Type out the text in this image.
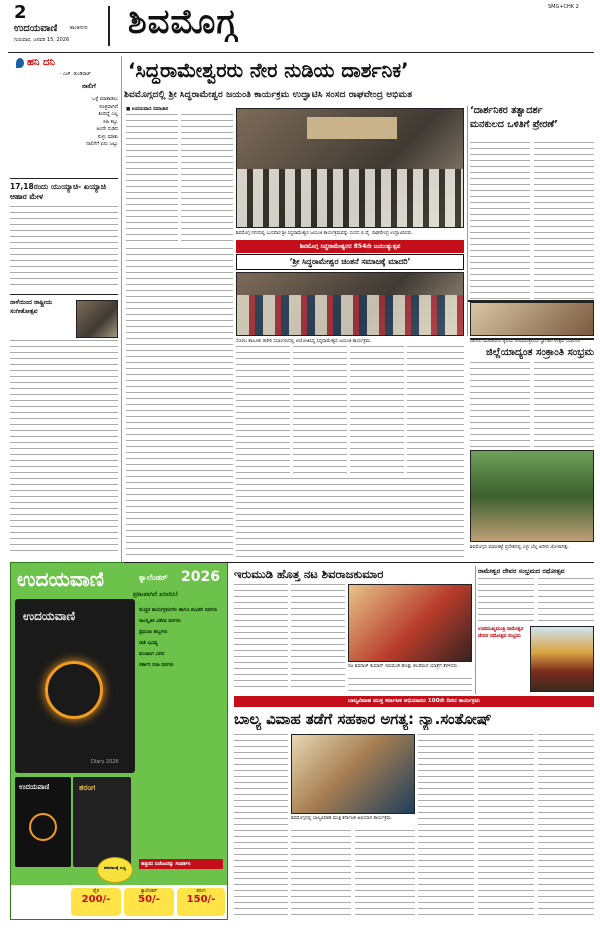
2
ಉದಯವಾಣಿ	ಶಾಂತಿನಗರ
ಗುರುವಾರ, ಜನವರಿ 15, 2026 ಶಿವಮೊಗ್ಗ	SMG+CHK 2
ಹನಿ ದನಿ
- ಎಚ್. ಡುಂಡಿರಾಜ್
ನಾಲಿಗೆ
ಒಳ್ಳೆ ಮಾತಾಡಲು
ಸೂಕ್ತವಾಗಿದೆ
ತಿಂದಿದ್ದೆ ಎಲ್ಲ
ಸಿಹಿ ಕಬ್ಬು
ಅಂದೇ ನುಡಿದ
ಸುಳ್ಳು ಮಾತು
ನಾಲಿಗೆಗೆ ಏನು ಜಬ್ಬು
17,18ರಂದು ಯುಯ್ಯಾಚಿ- ಖಯ್ಯಾಚಿ ಆಹಾರ ಮೇಳ
ನಾಳೆಯಿಂದ ರಾಷ್ಟ್ರೀಯ ಸಂಗೀತೋತ್ಸವ
‘ಸಿದ್ಧರಾಮೇಶ್ವರರು ನೇರ ನುಡಿಯ ದಾರ್ಶನಿಕ’
ಶಿವಮೊಗ್ಗದಲ್ಲಿ ಶ್ರೀ ಸಿದ್ಧರಾಮೇಶ್ವರ ಜಯಂತಿ ಕಾರ್ಯಕ್ರಮ ಉದ್ಘಾಟಿಸಿ ಸಂಸದ ರಾಘವೇಂದ್ರ ಅಭಿಮತ
■ ಉದಯವಾಣಿ ಸಮಾಚಾರ
ಶಿವಮೊಗ್ಗ ನಗರದಲ್ಲಿ ಬುಧವಾರ ಶ್ರೀ ಸಿದ್ಧರಾಮೇಶ್ವರ ಜಯಂತಿ ಕಾರ್ಯಕ್ರಮವನ್ನು ಸಂಸದ ಬಿ.ವೈ. ರಾಘವೇಂದ್ರ ಉದ್ಘಾಟಿಸಿದರು.
‘ದಾರ್ಶನಿಕರ ತತ್ವಾದರ್ಶ
ಮನಕುಲದ ಒಳಿತಿಗೆ ಪ್ರೇರಣೆ’
ಶಿವಮೊಗ್ಗ ಸಿದ್ಧರಾಮೇಶ್ವರರ 854ನೇ ಜಯಂತ್ಯುತ್ಸವ
‘ಶ್ರೀ ಸಿದ್ಧರಾಮೇಶ್ವರ ಚಿಂತನೆ ಸಮಾಜಕ್ಕೆ ಮಾದರಿ’
ಸೊರಬ ತಾಲೂಕು ಕಚೇರಿ ಸಭಾಂಗಣದಲ್ಲಿ ಆಯೋಜಿಸಿದ್ದ ಸಿದ್ಧರಾಮೇಶ್ವರ ಜಯಂತಿ ಕಾರ್ಯಕ್ರಮ.
ಉದಯವಾಣಿ	ಕ್ಯಾಲೆಂಡರ್ 2026
ಪ್ರಕಟವಾಗಿದೆ ಖರೀದಿಸಿ!
ಉದಯವಾಣಿ
Diary 2026
ಮೆಚ್ಚಿನ ಕಾರ್ಯಕ್ರಮಗಳು ಹಾಗೂ ಶುಭಕರ ದಿನಗಳು
ಸಾಂಸ್ಕೃತಿಕ ವಿಶೇಷ ದಿನಗಳು
ಪ್ರಮುಖ ಹಬ್ಬಗಳು
ರಾಶಿ ಭವಿಷ್ಯ
ಪಂಚಾಂಗ ವಿವರ
ಸರ್ಕಾರಿ ರಜಾ ದಿನಗಳು
ಉದಯವಾಣಿ	ತರಂಗ
ಮಾರಾಟಕ್ಕೆ ಲಭ್ಯ
ಹತ್ತಿರದ ಏಜೆಂಟರನ್ನು ಸಂಪರ್ಕಿಸಿ
ಡೈರಿ
200/-
ಕ್ಯಾಲೆಂಡರ್
50/-
ತರಂಗ
150/-
ಸಾಗರದ ಮೂಡಿಬನದ ಕೃಪೆಯ ಉಪಮಂತ್ರಿಣಿಯ ಸ್ವಾಗತದ ಉತ್ಸವ ಸಭಾಂಗಣ
ಜಿಲ್ಲೆಯಾದ್ಯಂತ ಸಂಕ್ರಾಂತಿ ಸಂಭ್ರಮ
ಶಿವಮೊಗ್ಗದ ಮಾರುಕಟ್ಟೆ ಪ್ರದೇಶದಲ್ಲಿ ಎಳ್ಳು ಬೆಲ್ಲ ಖರೀದಿ ಜೋರಾಗಿತ್ತು.
ಇರುಮುಡಿ ಹೊತ್ತ ನಟ ಶಿವರಾಜಕುಮಾರ
ನಟ ಶಿವರಾಜ್ ಕುಮಾರ್ ಇರುಮುಡಿ ಹೊತ್ತು ಶಬರಿಮಲೆ ಯಾತ್ರೆಗೆ ತೆರಳಿದರು.
ರಾಮೇಶ್ವರ ದೇವರ ಸಂಭ್ರಮದ ರಥೋತ್ಸವ
ಉಪಮುಖ್ಯಮಂತ್ರಿ ರಾಮೇಶ್ವರ ದೇವರ ರಥೋತ್ಸವ ಸಂಭ್ರಮ
ಬಾಲ್ಯವಿವಾಹ ಮುಕ್ತ ಕರ್ನಾಟಕ ಅಭಿಯಾನದ 100ನೇ ದಿನದ ಕಾರ್ಯಕ್ರಮ
ಬಾಲ್ಯ ವಿವಾಹ ತಡೆಗೆ ಸಹಕಾರ ಅಗತ್ಯ: ನ್ಯಾ.ಸಂತೋಷ್
ಶಿವಮೊಗ್ಗದಲ್ಲಿ ಬಾಲ್ಯವಿವಾಹ ಮುಕ್ತ ಕರ್ನಾಟಕ ಅಭಿಯಾನ ಕಾರ್ಯಕ್ರಮ.
